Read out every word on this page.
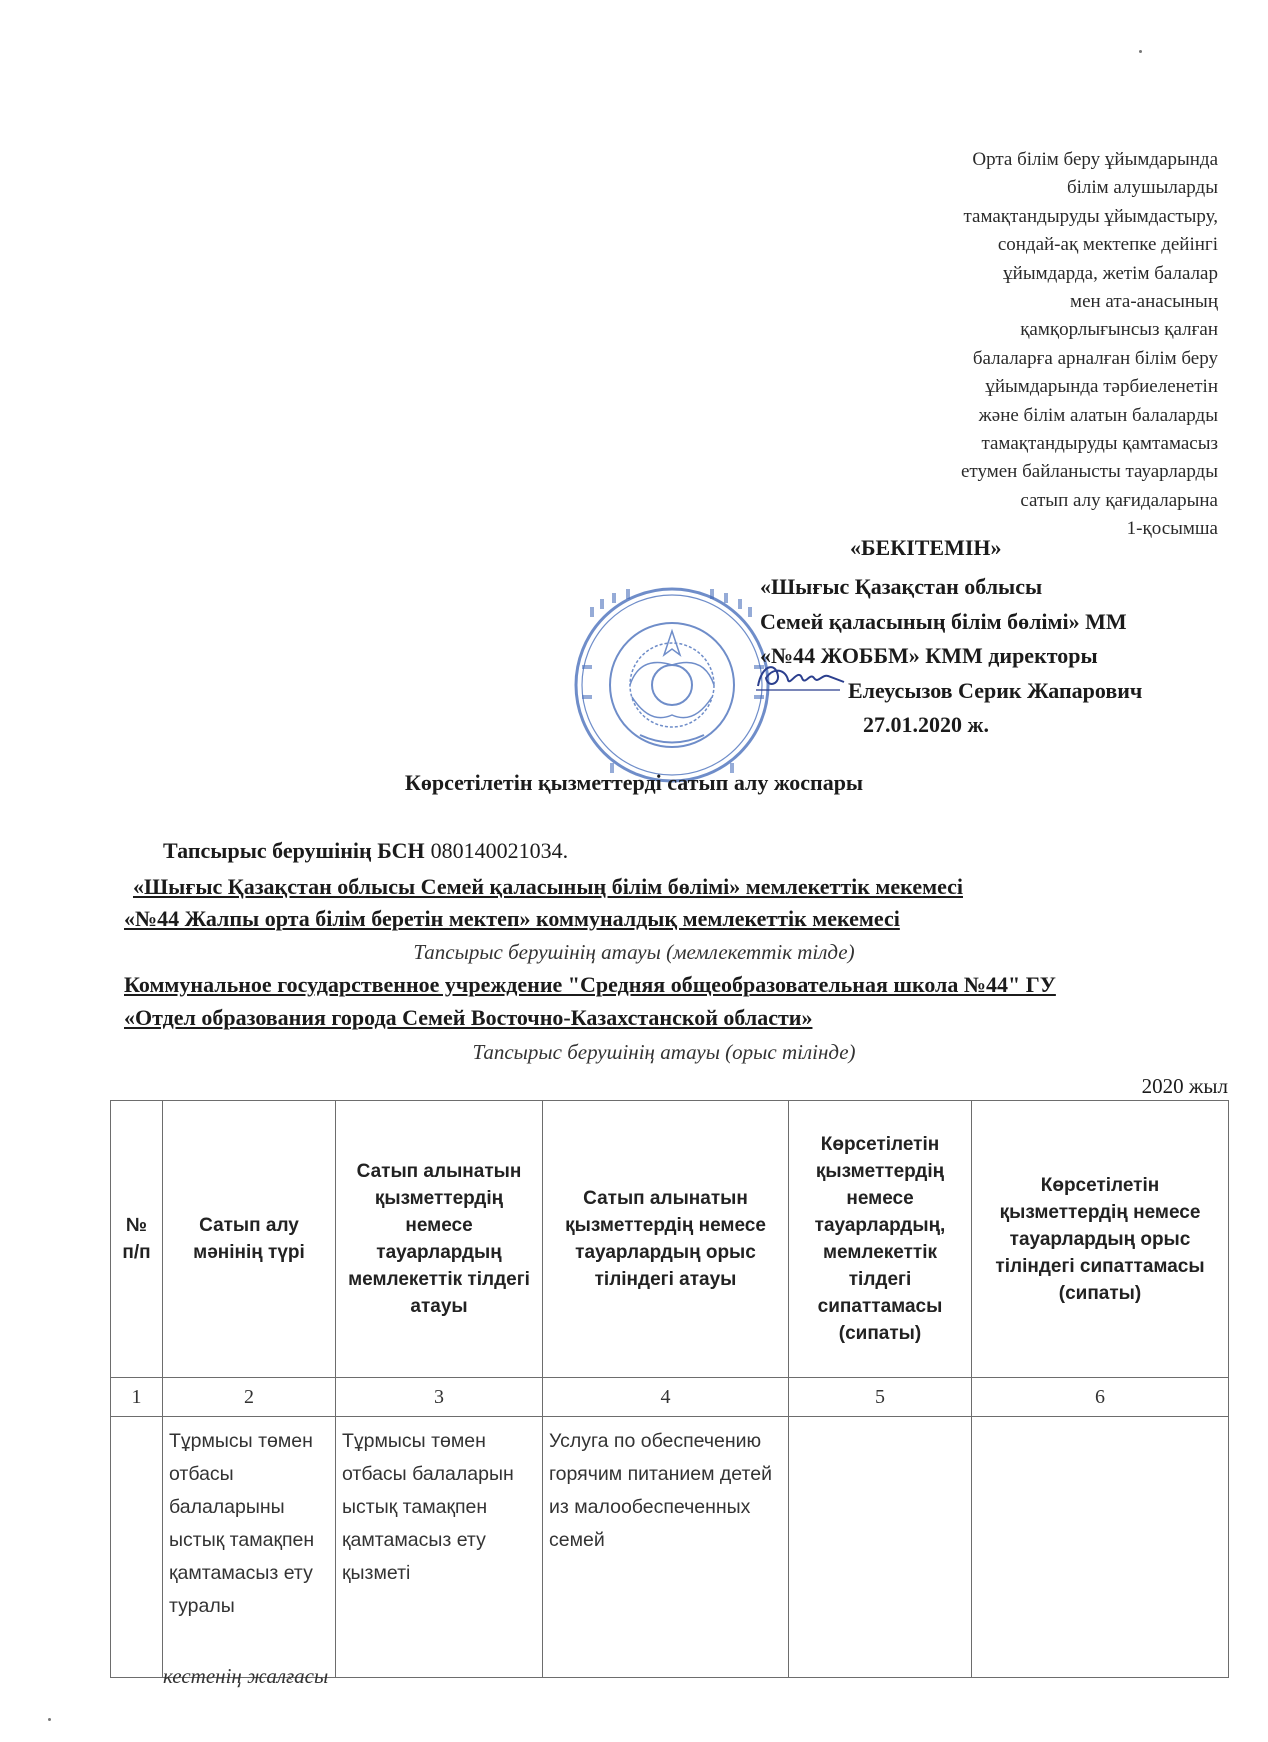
Орта білім беру ұйымдарында
білім алушыларды
тамақтандыруды ұйымдастыру,
сондай-ақ мектепке дейінгі
ұйымдарда, жетім балалар
мен ата-анасының
қамқорлығынсыз қалған
балаларға арналған білім беру
ұйымдарында тәрбиеленетін
және білім алатын балаларды
тамақтандыруды қамтамасыз
етумен байланысты тауарларды
сатып алу қағидаларына
1-қосымша
«БЕКІТЕМІН»
«Шығыс Қазақстан облысы
Семей қаласының білім бөлімі» ММ
«№44 ЖОББМ» КММ директоры
Елеусызов Серик Жапарович
27.01.2020 ж.
Көрсетілетін қызметтерді сатып алу жоспары
Тапсырыс берушінің БСН 080140021034.
«Шығыс Қазақстан облысы Семей қаласының білім бөлімі» мемлекеттік мекемесі
«№44 Жалпы орта білім беретін мектеп» коммуналдық мемлекеттік мекемесі
Тапсырыс берушінің атауы (мемлекеттік тілде)
Коммунальное государственное учреждение "Средняя общеобразовательная школа №44" ГУ
«Отдел образования города Семей Восточно-Казахстанской области»
Тапсырыс берушінің атауы (орыс тілінде)
2020 жыл
№ п/п	Сатып алу мәнінің түрі	Сатып алынатын қызметтердің немесе тауарлардың мемлекеттік тілдегі атауы	Сатып алынатын қызметтердің немесе тауарлардың орыс тіліндегі атауы	Көрсетілетін қызметтердің немесе тауарлардың, мемлекеттік тілдегі сипаттамасы (сипаты)	Көрсетілетін қызметтердің немесе тауарлардың орыс тіліндегі сипаттамасы (сипаты)
1	2	3	4	5	6
	Тұрмысы төмен отбасы балаларыны ыстық тамақпен қамтамасыз ету туралы	Тұрмысы төмен отбасы балаларын ыстық тамақпен қамтамасыз ету қызметі	Услуга по обеспечению горячим питанием детей из малообеспеченных семей		
кестенің жалғасы
